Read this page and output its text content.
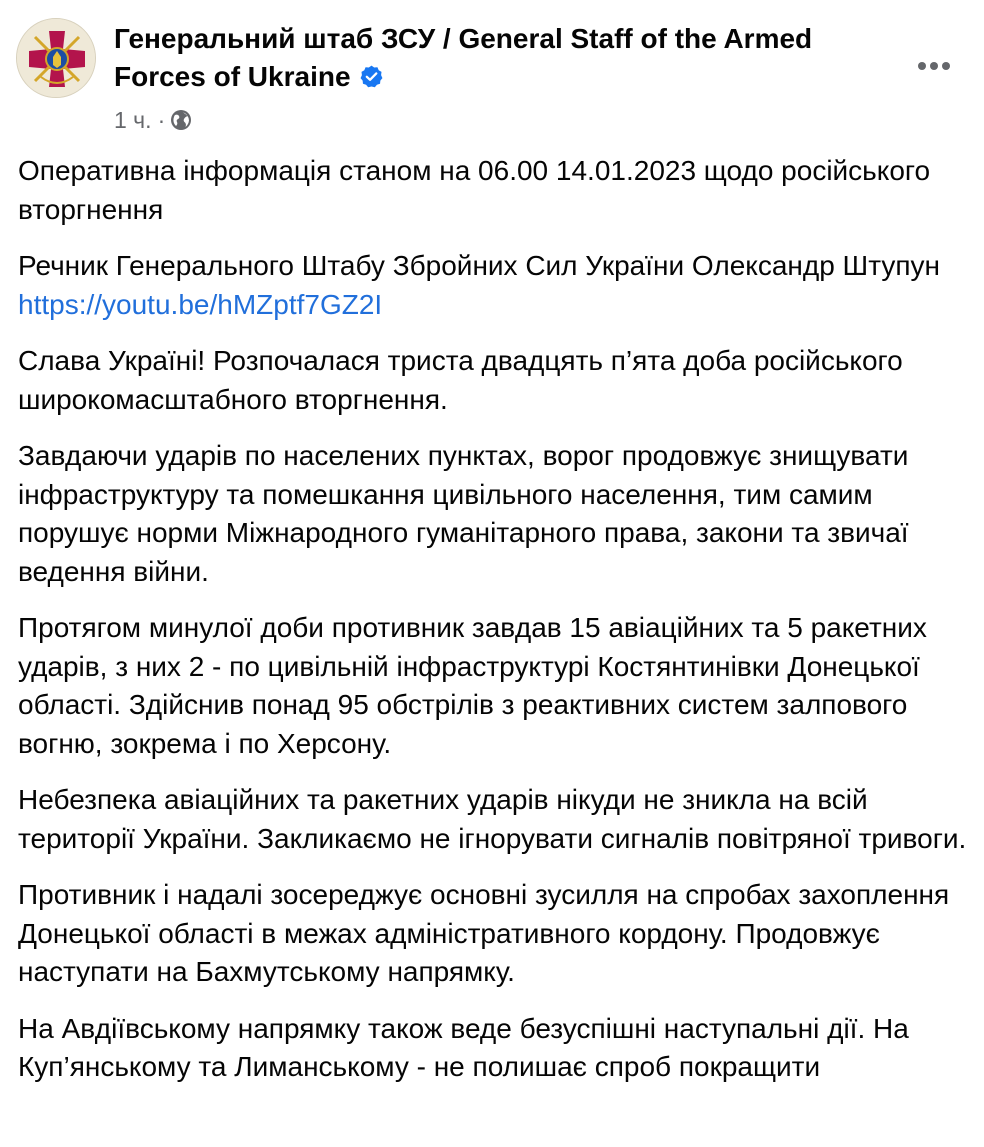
Генеральний штаб ЗСУ / General Staff of the Armed Forces of Ukraine
1 ч. ·

Оперативна інформація станом на 06.00 14.01.2023 щодо російського вторгнення

Речник Генерального Штабу Збройних Сил України Олександр Штупун https://youtu.be/hMZptf7GZ2I

Слава Україні! Розпочалася триста двадцять п’ята доба російського широкомасштабного вторгнення.

Завдаючи ударів по населених пунктах, ворог продовжує знищувати інфраструктуру та помешкання цивільного населення, тим самим порушує норми Міжнародного гуманітарного права, закони та звичаї ведення війни.

Протягом минулої доби противник завдав 15 авіаційних та 5 ракетних ударів, з них 2 - по цивільній інфраструктурі Костянтинівки Донецької області. Здійснив понад 95 обстрілів з реактивних систем залпового вогню, зокрема і по Херсону.

Небезпека авіаційних та ракетних ударів нікуди не зникла на всій території України. Закликаємо не ігнорувати сигналів повітряної тривоги.

Противник і надалі зосереджує основні зусилля на спробах захоплення Донецької області в межах адміністративного кордону. Продовжує наступати на Бахмутському напрямку.

На Авдіївському напрямку також веде безуспішні наступальні дії. На Куп’янському та Лиманському - не полишає спроб покращити
